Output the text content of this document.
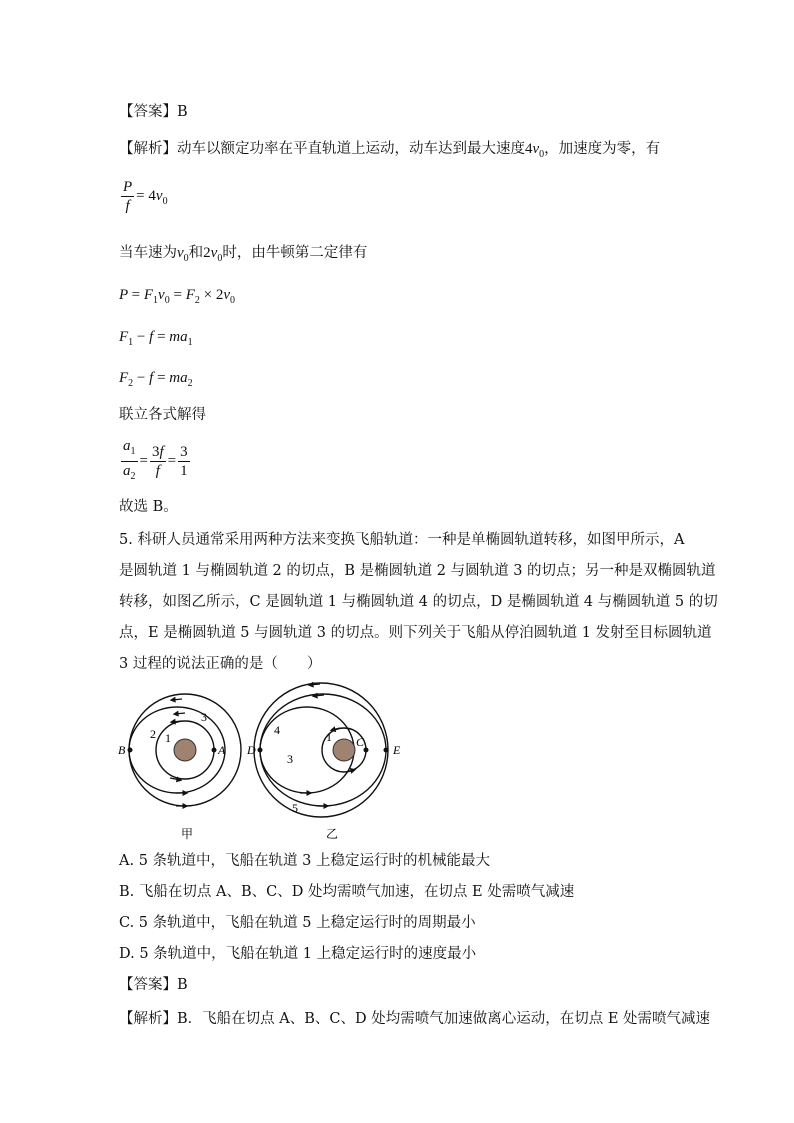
【答案】B
【解析】动车以额定功率在平直轨道上运动，动车达到最大速度$4v_0$，加速度为零，有
$\frac{P}{f} = 4v_0$
当车速为$v_0$和$2v_0$时，由牛顿第二定律有
$P = F_1v_0 = F_2 \times 2v_0$
$F_1 - f = ma_1$
$F_2 - f = ma_2$
联立各式解得
$\frac{a_1}{a_2} = \frac{3f}{f} = \frac{3}{1}$
故选 B。
5. 科研人员通常采用两种方法来变换飞船轨道：一种是单椭圆轨道转移，如图甲所示，A
是圆轨道 1 与椭圆轨道 2 的切点，B 是椭圆轨道 2 与圆轨道 3 的切点；另一种是双椭圆轨道
转移，如图乙所示，C 是圆轨道 1 与椭圆轨道 4 的切点，D 是椭圆轨道 4 与椭圆轨道 5 的切
点，E 是椭圆轨道 5 与圆轨道 3 的切点。则下列关于飞船从停泊圆轨道 1 发射至目标圆轨道
3 过程的说法正确的是（　　）
B	A
2 1
3
甲
D
C
E
4	1
3
5
乙
A. 5 条轨道中，飞船在轨道 3 上稳定运行时的机械能最大
B. 飞船在切点 A、B、C、D 处均需喷气加速，在切点 E 处需喷气减速
C. 5 条轨道中，飞船在轨道 5 上稳定运行时的周期最小
D. 5 条轨道中，飞船在轨道 1 上稳定运行时的速度最小
【答案】B
【解析】B．飞船在切点 A、B、C、D 处均需喷气加速做离心运动，在切点 E 处需喷气减速
